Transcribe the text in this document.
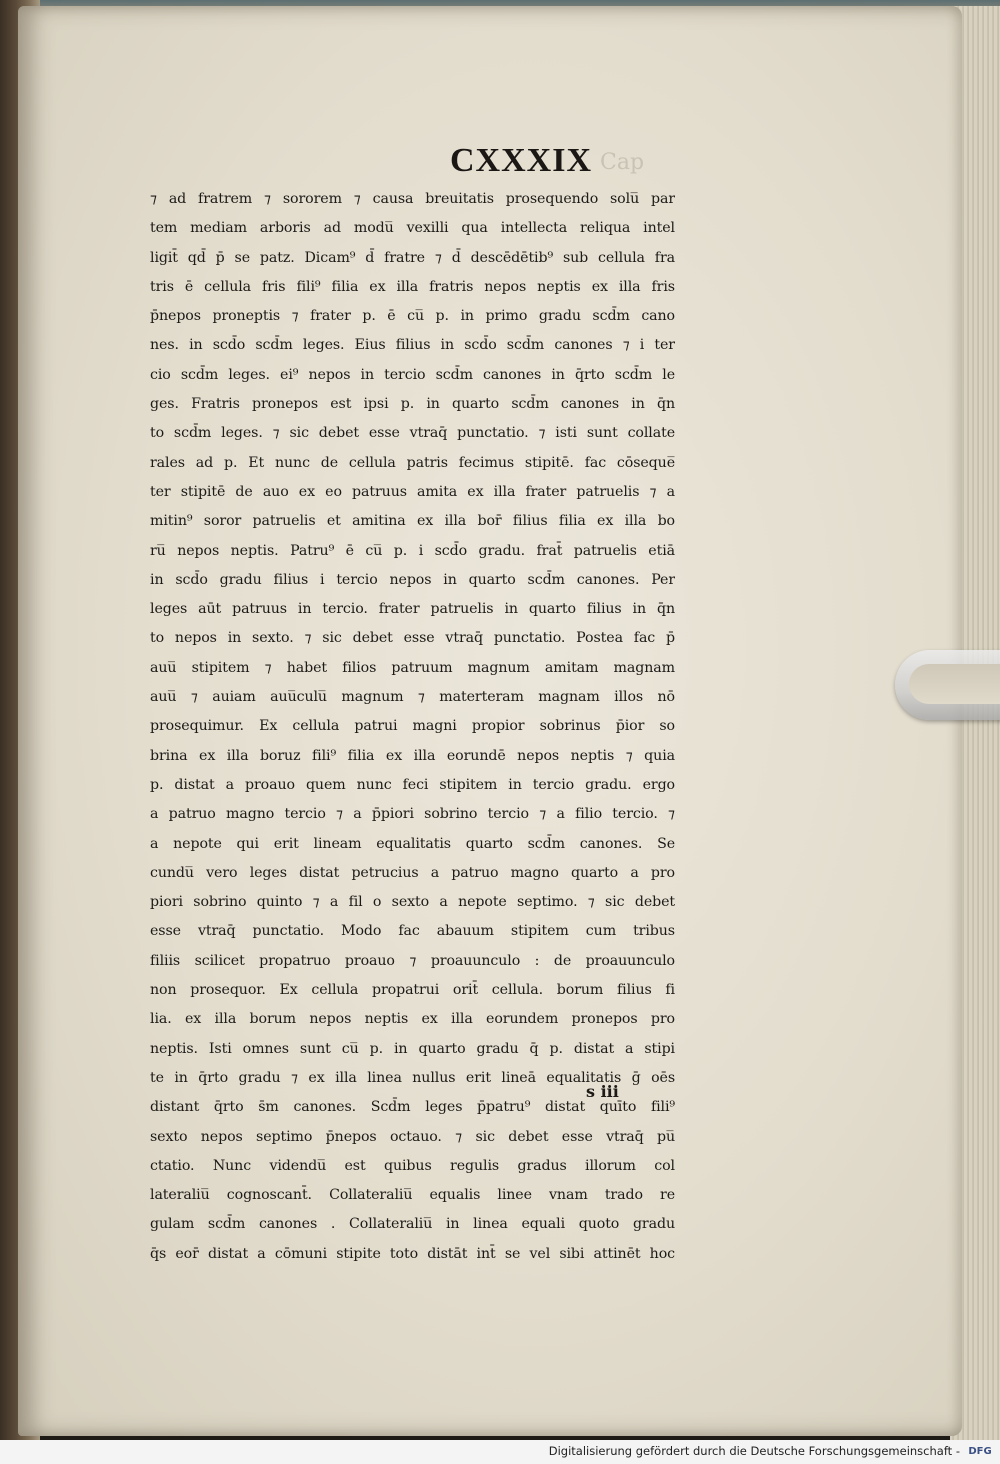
Cap
CXXXIX
⁊ ad fratrem ⁊ sororem ⁊ causa breuitatis prosequendo solu̅ par
tem mediam arboris ad modu̅ vexilli qua intellecta reliqua intel
ligit̄ qd̄ p̄ se patz. Dicam⁹ d̄ fratre ⁊ d̄ descēdētib⁹ sub cellula fra
tris ē cellula fris fili⁹ filia ex illa fratris nepos neptis ex illa fris
p̄nepos proneptis ⁊ frater p. ē cu̅ p. in primo gradu scd̄m cano
nes. in scd̄o scd̄m leges. Eius filius in scd̄o scd̄m canones ⁊ i ter
cio scd̄m leges. ei⁹ nepos in tercio scd̄m canones in q̄rto scd̄m le
ges. Fratris pronepos est ipsi p. in quarto scd̄m canones in q̄n
to scd̄m leges. ⁊ sic debet esse vtraq̄ punctatio. ⁊ isti sunt collate
rales ad p. Et nunc de cellula patris fecimus stipitē. fac cōseque̅
ter stipitē de auo ex eo patruus amita ex illa frater patruelis ⁊ a
mitin⁹ soror patruelis et amitina ex illa bor̄ filius filia ex illa bo
ru̅ nepos neptis. Patru⁹ ē cu̅ p. i scd̄o gradu. frat̄ patruelis etiā
in scd̄o gradu filius i tercio nepos in quarto scd̄m canones. Per
leges aūt patruus in tercio. frater patruelis in quarto filius in q̄n
to nepos in sexto. ⁊ sic debet esse vtraq̄ punctatio. Postea fac p̄
auu̅ stipitem ⁊ habet filios patruum magnum amitam magnam
auu̅ ⁊ auiam auu̅culu̅ magnum ⁊ materteram magnam illos nō
prosequimur. Ex cellula patrui magni propior sobrinus p̄ior so
brina ex illa boruz fili⁹ filia ex illa eorundē nepos neptis ⁊ quia
p. distat a proauo quem nunc feci stipitem in tercio gradu. ergo
a patruo magno tercio ⁊ a p̄piori sobrino tercio ⁊ a filio tercio. ⁊
a nepote qui erit lineam equalitatis quarto scd̄m canones. Se
cundu̅ vero leges distat petrucius a patruo magno quarto a pro
piori sobrino quinto ⁊ a fil o sexto a nepote septimo. ⁊ sic debet
esse vtraq̄ punctatio. Modo fac abauum stipitem cum tribus
filiis scilicet propatruo proauo ⁊ proauunculo : de proauunculo
non prosequor. Ex cellula propatrui orit̄ cellula. borum filius fi
lia. ex illa borum nepos neptis ex illa eorundem pronepos pro
neptis. Isti omnes sunt cu̅ p. in quarto gradu q̄ p. distat a stipi
te in q̄rto gradu ⁊ ex illa linea nullus erit lineā equalitatis ḡ oēs
distant q̄rto s̄m canones. Scd̄m leges p̄patru⁹ distat quīto fili⁹
sexto nepos septimo p̄nepos octauo. ⁊ sic debet esse vtraq̄ pu̅
ctatio. Nunc videndu̅ est quibus regulis gradus illorum col
lateraliu̅ cognoscant̄. Collateraliu̅ equalis linee vnam trado re
gulam scd̄m canones . Collateraliu̅ in linea equali quoto gradu
q̄s eor̄ distat a cōmuni stipite toto distāt int̄ se vel sibi attinēt hoc
s iii
Digitalisierung gefördert durch die Deutsche Forschungsgemeinschaft - DFG
